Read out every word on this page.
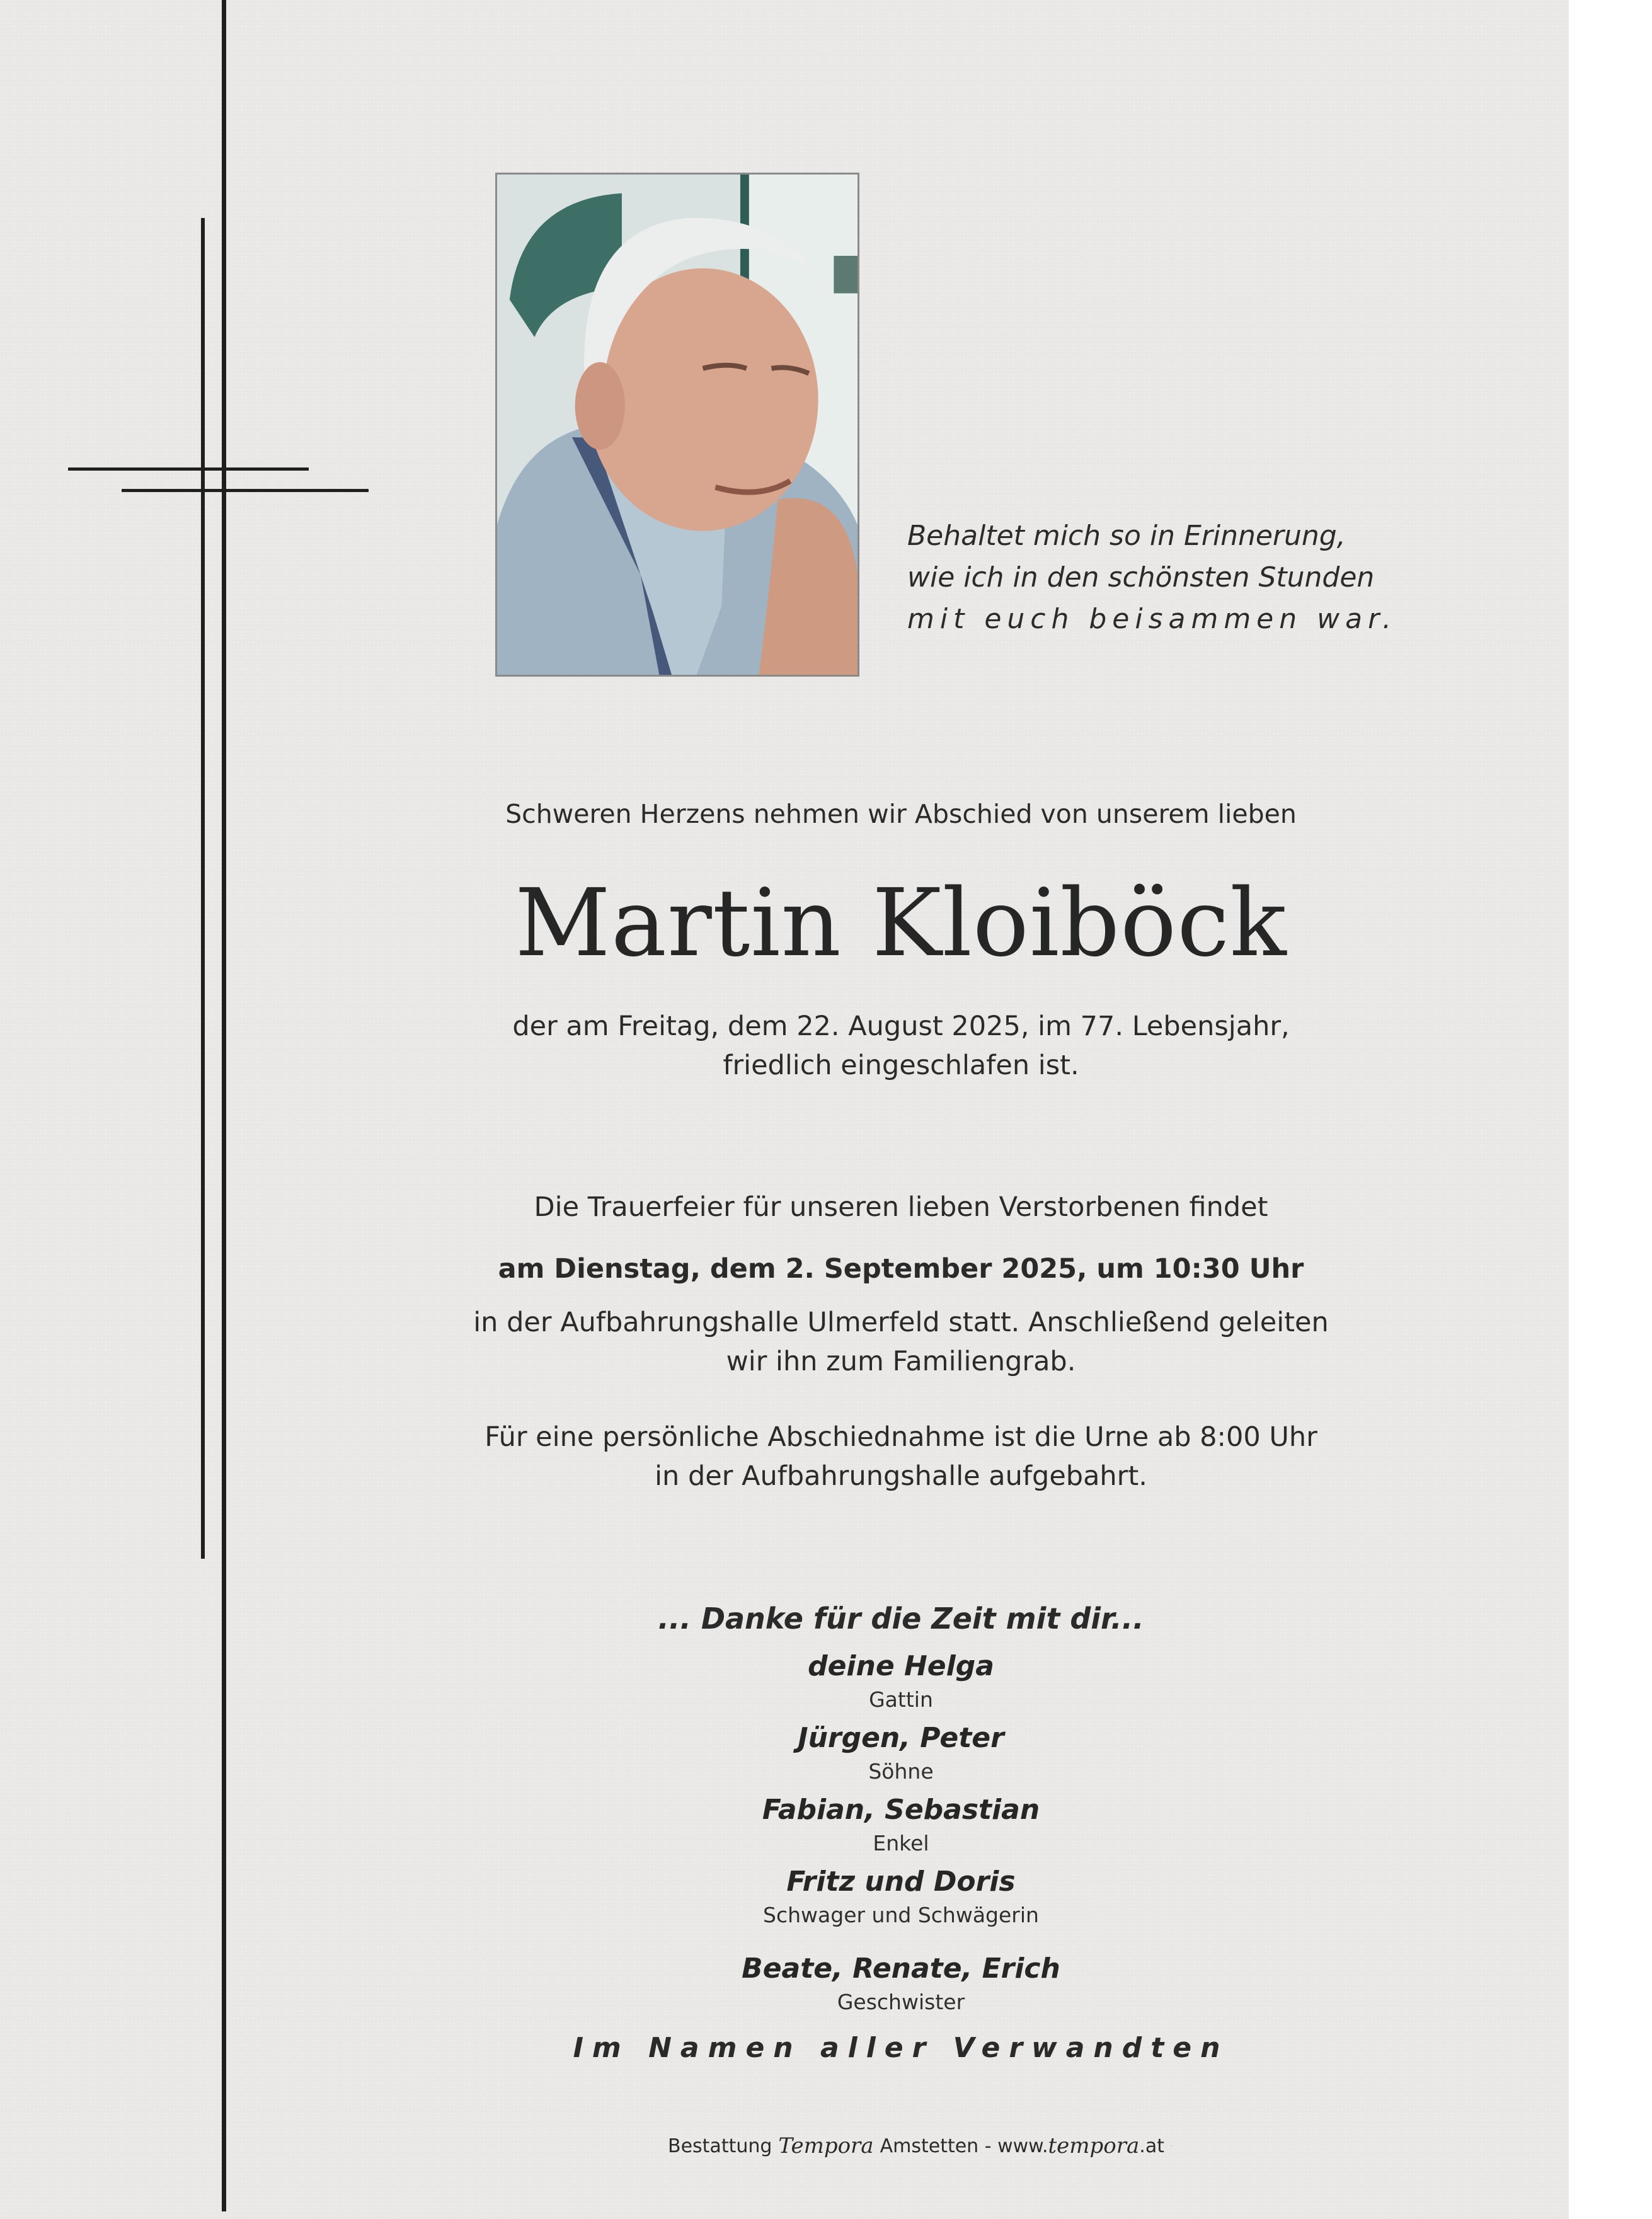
Behaltet mich so in Erinnerung,
wie ich in den schönsten Stunden
mit euch beisammen war.
Schweren Herzens nehmen wir Abschied von unserem lieben
Martin Kloiböck
der am Freitag, dem 22. August 2025, im 77. Lebensjahr,
friedlich eingeschlafen ist.
Die Trauerfeier für unseren lieben Verstorbenen findet
am Dienstag, dem 2. September 2025, um 10:30 Uhr
in der Aufbahrungshalle Ulmerfeld statt. Anschließend geleiten
wir ihn zum Familiengrab.
Für eine persönliche Abschiednahme ist die Urne ab 8:00 Uhr
in der Aufbahrungshalle aufgebahrt.
... Danke für die Zeit mit dir...
deine Helga
Gattin
Jürgen, Peter
Söhne
Fabian, Sebastian
Enkel
Fritz und Doris
Schwager und Schwägerin
Beate, Renate, Erich
Geschwister
Im Namen aller Verwandten
Bestattung Tempora Amstetten - www. tempora .at
